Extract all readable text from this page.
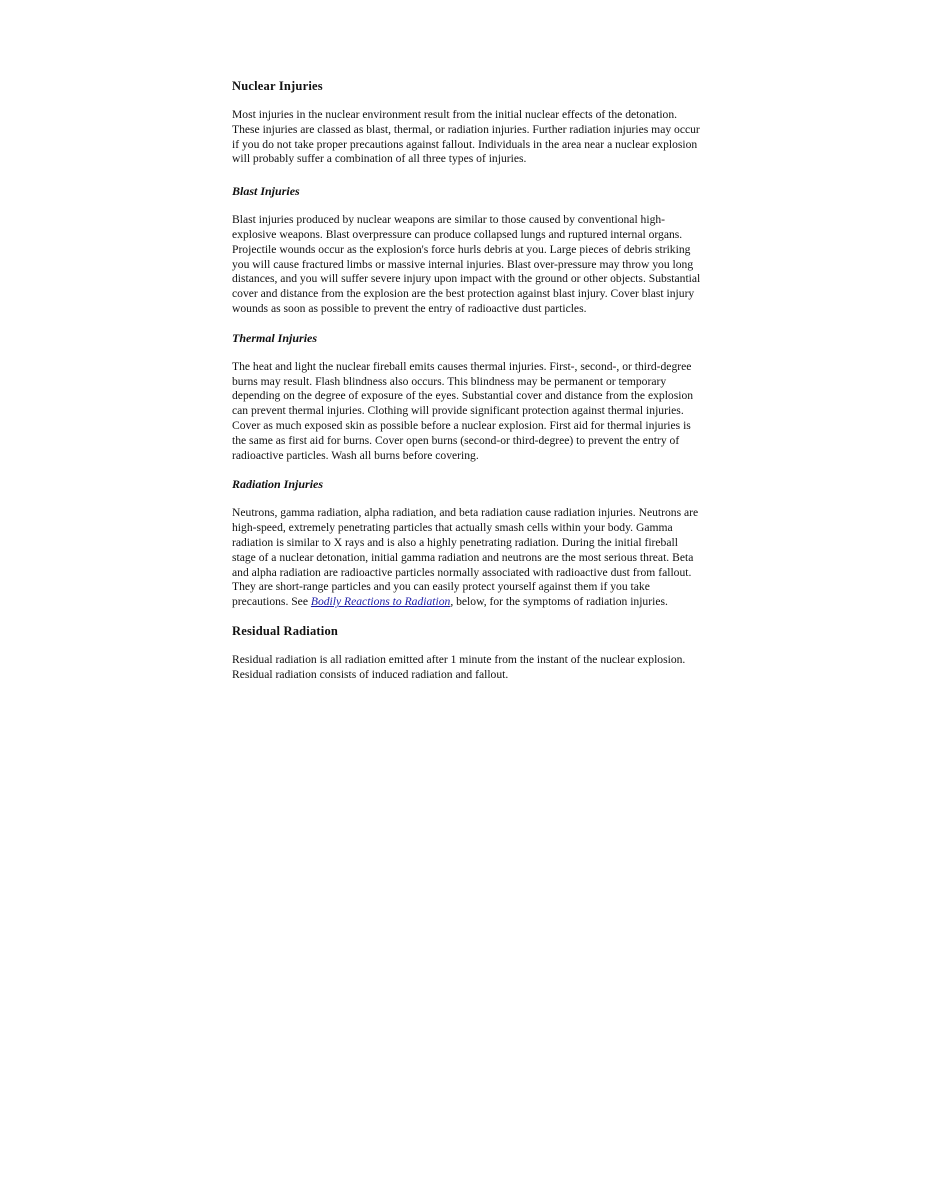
Nuclear Injuries

Most injuries in the nuclear environment result from the initial nuclear effects of the detonation. These injuries are classed as blast, thermal, or radiation injuries. Further radiation injuries may occur if you do not take proper precautions against fallout. Individuals in the area near a nuclear explosion will probably suffer a combination of all three types of injuries.

Blast Injuries

Blast injuries produced by nuclear weapons are similar to those caused by conventional high-explosive weapons. Blast overpressure can produce collapsed lungs and ruptured internal organs. Projectile wounds occur as the explosion's force hurls debris at you. Large pieces of debris striking you will cause fractured limbs or massive internal injuries. Blast over-pressure may throw you long distances, and you will suffer severe injury upon impact with the ground or other objects. Substantial cover and distance from the explosion are the best protection against blast injury. Cover blast injury wounds as soon as possible to prevent the entry of radioactive dust particles.

Thermal Injuries

The heat and light the nuclear fireball emits causes thermal injuries. First-, second-, or third-degree burns may result. Flash blindness also occurs. This blindness may be permanent or temporary depending on the degree of exposure of the eyes. Substantial cover and distance from the explosion can prevent thermal injuries. Clothing will provide significant protection against thermal injuries. Cover as much exposed skin as possible before a nuclear explosion. First aid for thermal injuries is the same as first aid for burns. Cover open burns (second-or third-degree) to prevent the entry of radioactive particles. Wash all burns before covering.

Radiation Injuries

Neutrons, gamma radiation, alpha radiation, and beta radiation cause radiation injuries. Neutrons are high-speed, extremely penetrating particles that actually smash cells within your body. Gamma radiation is similar to X rays and is also a highly penetrating radiation. During the initial fireball stage of a nuclear detonation, initial gamma radiation and neutrons are the most serious threat. Beta and alpha radiation are radioactive particles normally associated with radioactive dust from fallout. They are short-range particles and you can easily protect yourself against them if you take precautions. See Bodily Reactions to Radiation, below, for the symptoms of radiation injuries.

Residual Radiation

Residual radiation is all radiation emitted after 1 minute from the instant of the nuclear explosion. Residual radiation consists of induced radiation and fallout.
